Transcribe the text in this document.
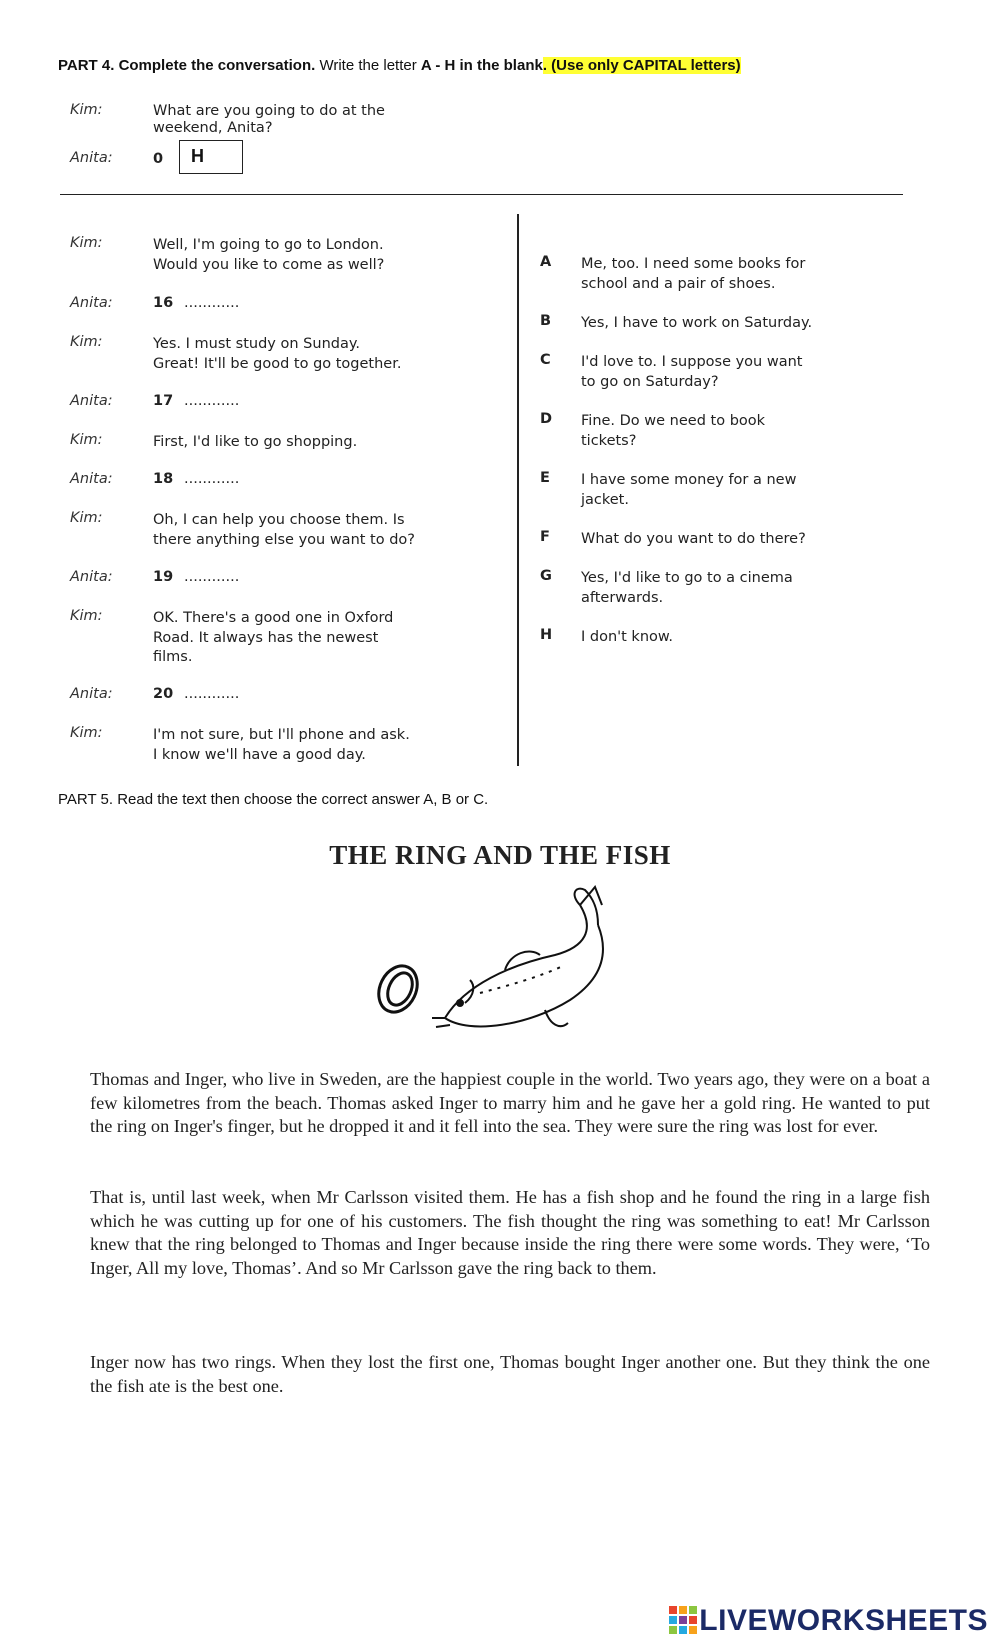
PART 4. Complete the conversation. Write the letter A - H in the blank. (Use only CAPITAL letters)
Kim:	What are you going to do at the
weekend, Anita?
Anita:	0	H
Kim:	Well, I'm going to go to London.
Would you like to come as well?
Anita:	16 ............
Kim:	Yes. I must study on Sunday.
Great! It'll be good to go together.
Anita:	17 ............
Kim:	First, I'd like to go shopping.
Anita:	18 ............
Kim:	Oh, I can help you choose them. Is
there anything else you want to do?
Anita:	19 ............
Kim:	OK. There's a good one in Oxford
Road. It always has the newest
films.
Anita:	20 ............
Kim:	I'm not sure, but I'll phone and ask.
I know we'll have a good day.
A Me, too. I need some books for
school and a pair of shoes.
B Yes, I have to work on Saturday.
C I'd love to. I suppose you want
to go on Saturday?
D Fine. Do we need to book
tickets?
E I have some money for a new
jacket.
F What do you want to do there?
G Yes, I'd like to go to a cinema
afterwards.
H I don't know.
PART 5. Read the text then choose the correct answer A, B or C.
THE RING AND THE FISH
Thomas and Inger, who live in Sweden, are the happiest couple in the world. Two years ago, they were on a boat a few kilometres from the beach. Thomas asked Inger to marry him and he gave her a gold ring. He wanted to put the ring on Inger's finger, but he dropped it and it fell into the sea. They were sure the ring was lost for ever.
That is, until last week, when Mr Carlsson visited them. He has a fish shop and he found the ring in a large fish which he was cutting up for one of his customers. The fish thought the ring was something to eat! Mr Carlsson knew that the ring belonged to Thomas and Inger because inside the ring there were some words. They were, ‘To Inger, All my love, Thomas’. And so Mr Carlsson gave the ring back to them.
Inger now has two rings. When they lost the first one, Thomas bought Inger another one. But they think the one the fish ate is the best one.
LIVEWORKSHEETS
